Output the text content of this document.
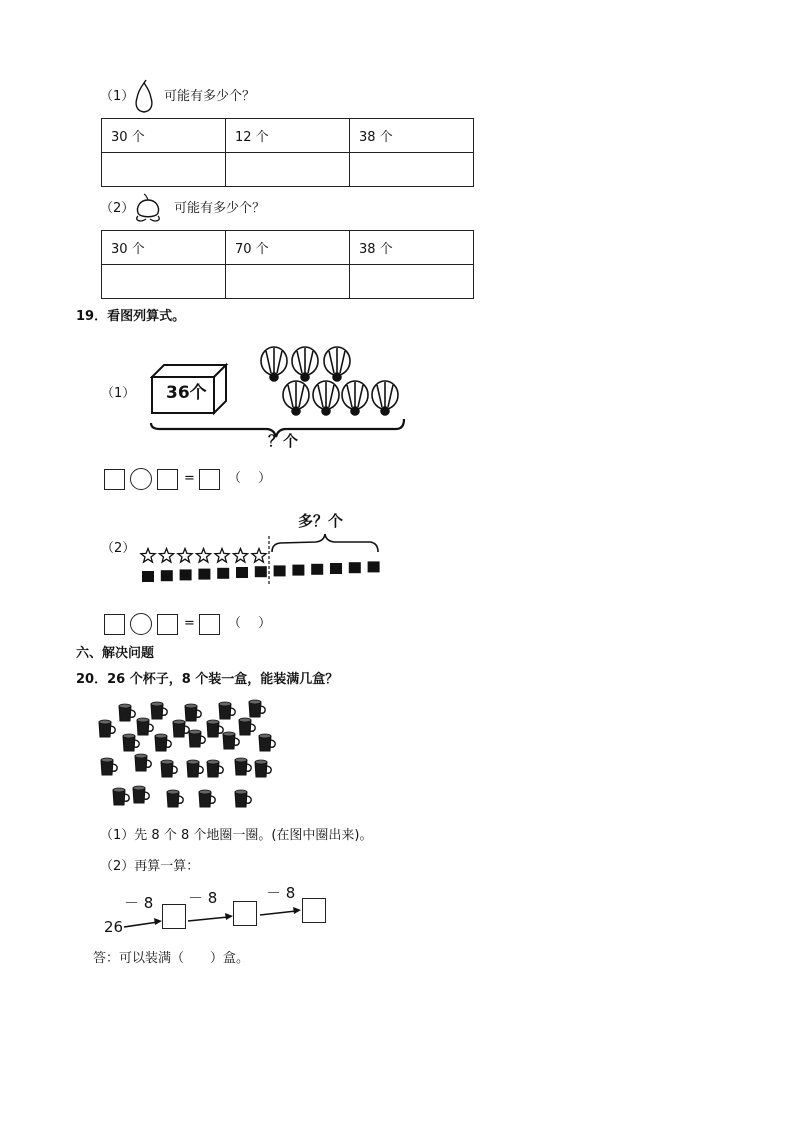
（1） 可能有多少个？
30 个	12 个	38 个

（2）	可能有多少个？
30 个	70 个	38 个

19．看图列算式。
（1） 36个
？个
=	（　 ）
（2）
多？个
=	（　 ）
六、解决问题
20．26 个杯子，8 个装一盒，能装满几盒？
（1）先 8 个 8 个地圈一圈。(在图中圈出来)。
（2）再算一算：
26
－ 8 － 8	－ 8
答：可以装满（　　）盒。
